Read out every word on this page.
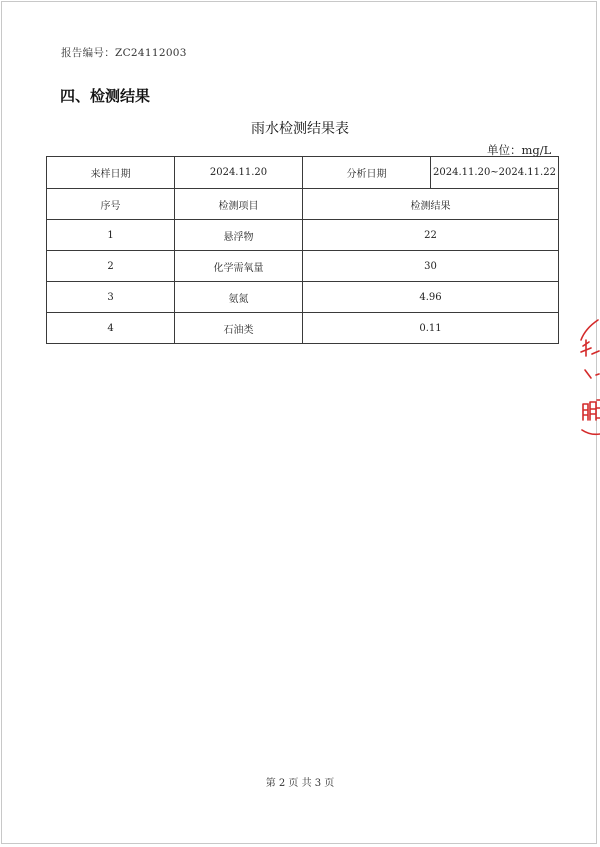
报告编号：ZC24112003
四、检测结果
雨水检测结果表
单位：mg/L
来样日期	2024.11.20	分析日期	2024.11.20~2024.11.22
序号	检测项目	检测结果	
1	悬浮物	22	
2	化学需氧量	30	
3	氨氮	4.96	
4	石油类	0.11	
第 2 页 共 3 页
